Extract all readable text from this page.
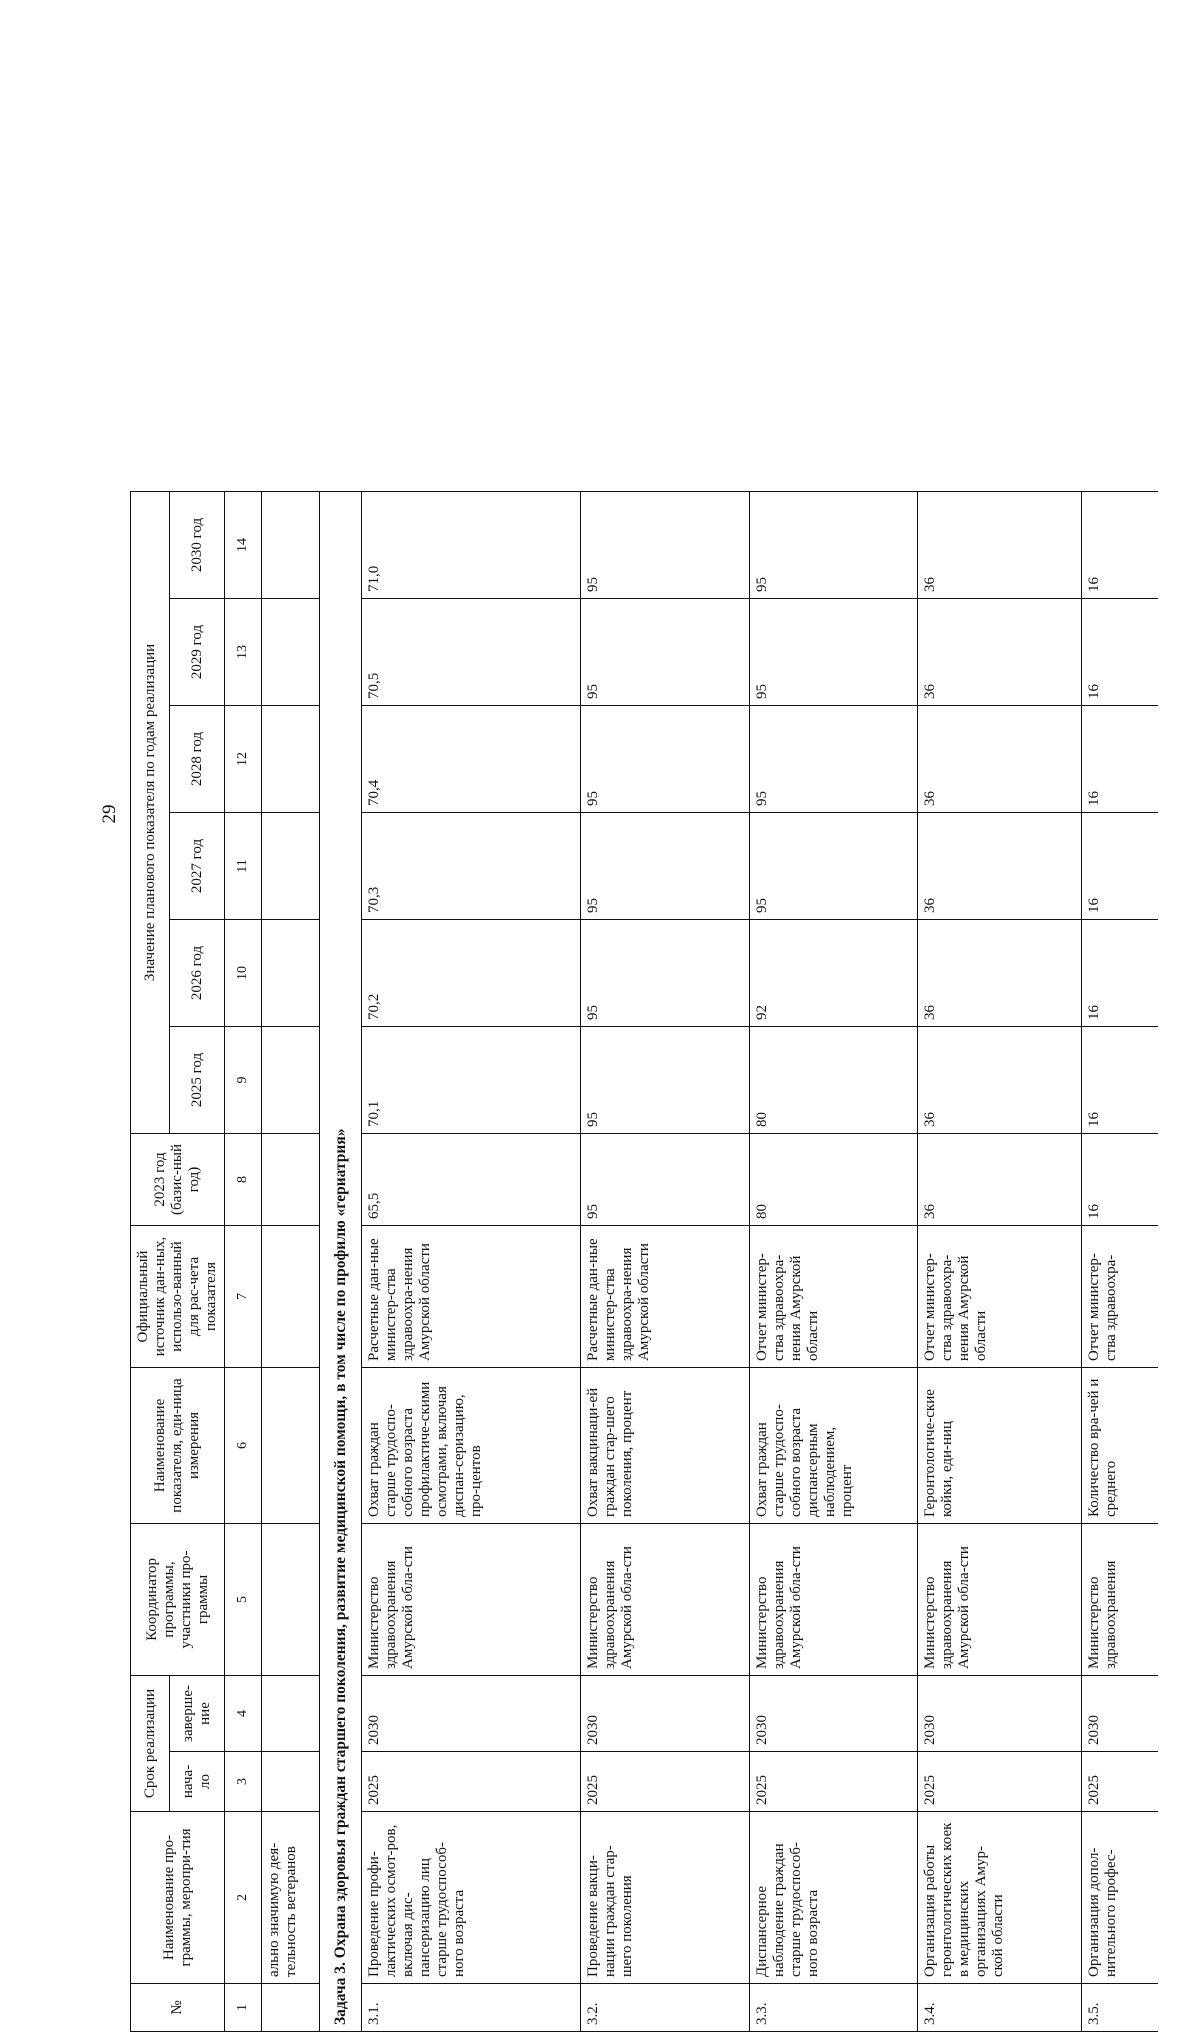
29
№	Наименование про-граммы, меропри-тия	Срок реализации		Координатор программы, участники про-граммы	Наименование показателя, еди-ница измерения	Официальный источник дан-ных, использо-ванный для рас-чета показателя	2023 год (базис-ный год)	Значение планового показателя по годам реализации					
		нача-ло	заверше-ние					2025 год	2026 год	2027 год	2028 год	2029 год	2030 год
1	2	3	4	5	6	7	8	9	10	11	12	13	14
	ально значимую дея-тельность ветеранов												
Задача 3. Охрана здоровья граждан старшего поколения, развитие медицинской помощи, в том числе по профилю «гериатрия»													
3.1.	Проведение профи-лактических осмот-ров, включая дис-пансеризацию лиц старше трудоспособ-ного возраста	2025	2030	Министерство здравоохранения Амурской обла-сти	Охват граждан старше трудоспо-собного возраста профилактиче-скими осмотрами, включая диспан-серизацию, про-центов	Расчетные дан-ные министер-ства здравоохра-нения Амурской области	65,5	70,1	70,2	70,3	70,4	70,5	71,0
3.2.	Проведение вакци-нации граждан стар-шего поколения	2025	2030	Министерство здравоохранения Амурской обла-сти	Охват вакцинаци-ей граждан стар-шего поколения, процент	Расчетные дан-ные министер-ства здравоохра-нения Амурской области	95	95	95	95	95	95	95
3.3.	Диспансерное наблюдение граждан старше трудоспособ-ного возраста	2025	2030	Министерство здравоохранения Амурской обла-сти	Охват граждан старше трудоспо-собного возраста диспансерным наблюдением, процент	Отчет министер-ства здравоохра-нения Амурской области	80	80	92	95	95	95	95
3.4.	Организация работы геронтологических коек в медицинских организациях Амур-ской области	2025	2030	Министерство здравоохранения Амурской обла-сти	Геронтологиче-ские койки, еди-ниц	Отчет министер-ства здравоохра-нения Амурской области	36	36	36	36	36	36	36
3.5.	Организация допол-нительного профес-	2025	2030	Министерство здравоохранения	Количество вра-чей и среднего	Отчет министер-ства здравоохра-	16	16	16	16	16	16	16
